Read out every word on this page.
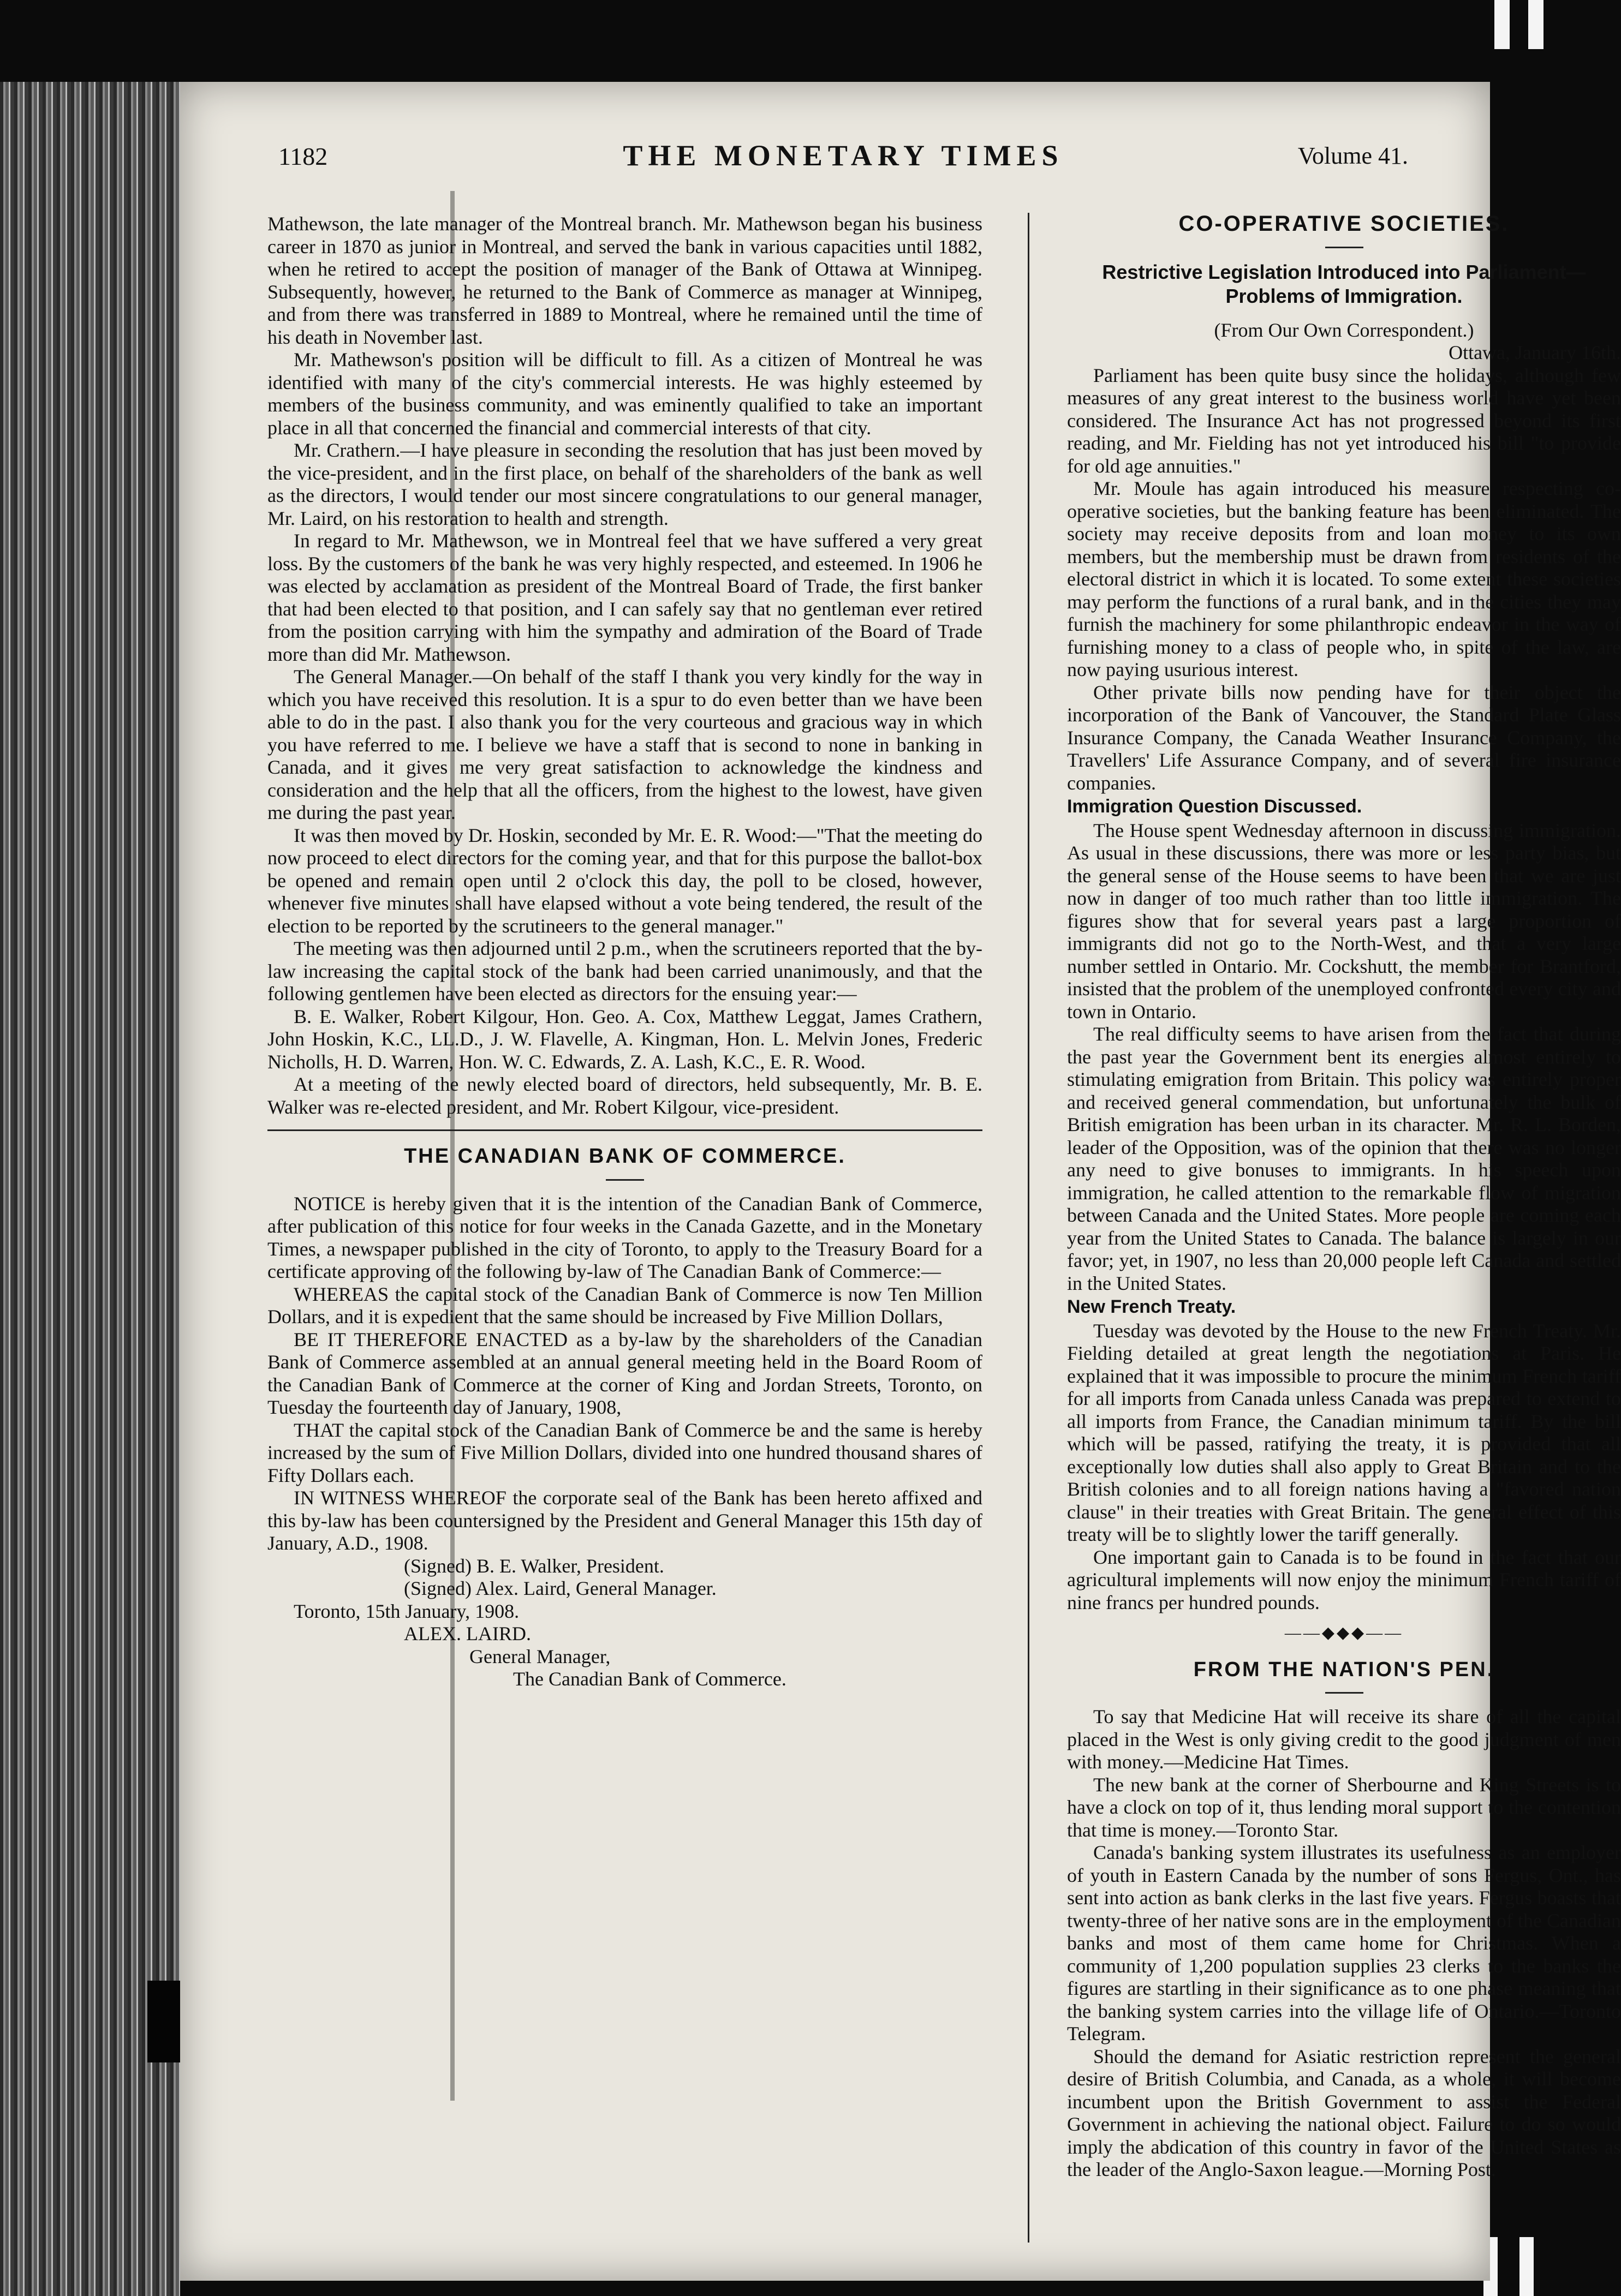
1182	THE MONETARY TIMES	Volume 41.

Mathewson, the late manager of the Montreal branch. Mr. Mathewson began his business career in 1870 as junior in Montreal, and served the bank in various capacities until 1882, when he retired to accept the position of manager of the Bank of Ottawa at Winnipeg. Subsequently, however, he returned to the Bank of Commerce as manager at Winnipeg, and from there was transferred in 1889 to Montreal, where he remained until the time of his death in November last.

Mr. Mathewson's position will be difficult to fill. As a citizen of Montreal he was identified with many of the city's commercial interests. He was highly esteemed by members of the business community, and was eminently qualified to take an important place in all that concerned the financial and commercial interests of that city.

Mr. Crathern.—I have pleasure in seconding the resolution that has just been moved by the vice-president, and in the first place, on behalf of the shareholders of the bank as well as the directors, I would tender our most sincere congratulations to our general manager, Mr. Laird, on his restoration to health and strength.

In regard to Mr. Mathewson, we in Montreal feel that we have suffered a very great loss. By the customers of the bank he was very highly respected, and esteemed. In 1906 he was elected by acclamation as president of the Montreal Board of Trade, the first banker that had been elected to that position, and I can safely say that no gentleman ever retired from the position carrying with him the sympathy and admiration of the Board of Trade more than did Mr. Mathewson.

The General Manager.—On behalf of the staff I thank you very kindly for the way in which you have received this resolution. It is a spur to do even better than we have been able to do in the past. I also thank you for the very courteous and gracious way in which you have referred to me. I believe we have a staff that is second to none in banking in Canada, and it gives me very great satisfaction to acknowledge the kindness and consideration and the help that all the officers, from the highest to the lowest, have given me during the past year.

It was then moved by Dr. Hoskin, seconded by Mr. E. R. Wood:—"That the meeting do now proceed to elect directors for the coming year, and that for this purpose the ballot-box be opened and remain open until 2 o'clock this day, the poll to be closed, however, whenever five minutes shall have elapsed without a vote being tendered, the result of the election to be reported by the scrutineers to the general manager."

The meeting was then adjourned until 2 p.m., when the scrutineers reported that the by-law increasing the capital stock of the bank had been carried unanimously, and that the following gentlemen have been elected as directors for the ensuing year:—

B. E. Walker, Robert Kilgour, Hon. Geo. A. Cox, Matthew Leggat, James Crathern, John Hoskin, K.C., LL.D., J. W. Flavelle, A. Kingman, Hon. L. Melvin Jones, Frederic Nicholls, H. D. Warren, Hon. W. C. Edwards, Z. A. Lash, K.C., E. R. Wood.

At a meeting of the newly elected board of directors, held subsequently, Mr. B. E. Walker was re-elected president, and Mr. Robert Kilgour, vice-president.

THE CANADIAN BANK OF COMMERCE.

NOTICE is hereby given that it is the intention of the Canadian Bank of Commerce, after publication of this notice for four weeks in the Canada Gazette, and in the Monetary Times, a newspaper published in the city of Toronto, to apply to the Treasury Board for a certificate approving of the following by-law of The Canadian Bank of Commerce:—

WHEREAS the capital stock of the Canadian Bank of Commerce is now Ten Million Dollars, and it is expedient that the same should be increased by Five Million Dollars,

BE IT THEREFORE ENACTED as a by-law by the shareholders of the Canadian Bank of Commerce assembled at an annual general meeting held in the Board Room of the Canadian Bank of Commerce at the corner of King and Jordan Streets, Toronto, on Tuesday the fourteenth day of January, 1908,

THAT the capital stock of the Canadian Bank of Commerce be and the same is hereby increased by the sum of Five Million Dollars, divided into one hundred thousand shares of Fifty Dollars each.

IN WITNESS WHEREOF the corporate seal of the Bank has been hereto affixed and this by-law has been countersigned by the President and General Manager this 15th day of January, A.D., 1908.

(Signed) B. E. Walker, President.

(Signed) Alex. Laird, General Manager.

Toronto, 15th January, 1908.

ALEX. LAIRD.

General Manager,

The Canadian Bank of Commerce.

CO-OPERATIVE SOCIETIES.
Restrictive Legislation Introduced into Parliament—Problems of Immigration.

(From Our Own Correspondent.)

Ottawa, January 16th.

Parliament has been quite busy since the holidays, although few measures of any great interest to the business world have yet been considered. The Insurance Act has not progressed beyond its first reading, and Mr. Fielding has not yet introduced his bill "to provide for old age annuities."

Mr. Moule has again introduced his measure respecting co-operative societies, but the banking feature has been eliminated. The society may receive deposits from and loan money to its own members, but the membership must be drawn from residents of the electoral district in which it is located. To some extent these societies may perform the functions of a rural bank, and in the cities they may furnish the machinery for some philanthropic endeavor in the way of furnishing money to a class of people who, in spite of the law, are now paying usurious interest.

Other private bills now pending have for their object the incorporation of the Bank of Vancouver, the Standard Plate Glass Insurance Company, the Canada Weather Insurance Company, the Travellers' Life Assurance Company, and of several fire insurance companies.

Immigration Question Discussed.

The House spent Wednesday afternoon in discussing immigration. As usual in these discussions, there was more or less party bias, but the general sense of the House seems to have been that we are just now in danger of too much rather than too little immigration. The figures show that for several years past a large proportion of immigrants did not go to the North-West, and that a very large number settled in Ontario. Mr. Cockshutt, the member for Brantford, insisted that the problem of the unemployed confronted every city and town in Ontario.

The real difficulty seems to have arisen from the fact that during the past year the Government bent its energies almost entirely to stimulating emigration from Britain. This policy was entirely proper and received general commendation, but unfortunately the bulk of British emigration has been urban in its character. Mr. R. L. Borden, leader of the Opposition, was of the opinion that there was no longer any need to give bonuses to immigrants. In his speech upon immigration, he called attention to the remarkable flow of migration between Canada and the United States. More people are coming each year from the United States to Canada. The balance is largely in our favor; yet, in 1907, no less than 20,000 people left Canada and settled in the United States.

New French Treaty.

Tuesday was devoted by the House to the new French Treaty. Mr. Fielding detailed at great length the negotiations at Paris. He explained that it was impossible to procure the minimum French tariff for all imports from Canada unless Canada was prepared to extend to all imports from France, the Canadian minimum tariff. By the bill which will be passed, ratifying the treaty, it is provided that all exceptionally low duties shall also apply to Great Britain and to the British colonies and to all foreign nations having a "favored nation clause" in their treaties with Great Britain. The general effect of this treaty will be to slightly lower the tariff generally.

One important gain to Canada is to be found in the fact that our agricultural implements will now enjoy the minimum French tariff of nine francs per hundred pounds.

——◆◆◆——
FROM THE NATION'S PEN.

To say that Medicine Hat will receive its share of all the capital placed in the West is only giving credit to the good judgment of men with money.—Medicine Hat Times.

The new bank at the corner of Sherbourne and King Streets is to have a clock on top of it, thus lending moral support to the contention that time is money.—Toronto Star.

Canada's banking system illustrates its usefulness as an employer of youth in Eastern Canada by the number of sons Fergus, Ont., has sent into action as bank clerks in the last five years. Fergus boasts that twenty-three of her native sons are in the employment of the Canadian banks and most of them came home for Christmas. When a community of 1,200 population supplies 23 clerks to the banks the figures are startling in their significance as to one phase meaning that the banking system carries into the village life of Ontario.—Toronto Telegram.

Should the demand for Asiatic restriction represent the general desire of British Columbia, and Canada, as a whole, it will become incumbent upon the British Government to assist the Federal Government in achieving the national object. Failure to do so would imply the abdication of this country in favor of the United States as the leader of the Anglo-Saxon league.—Morning Post.
